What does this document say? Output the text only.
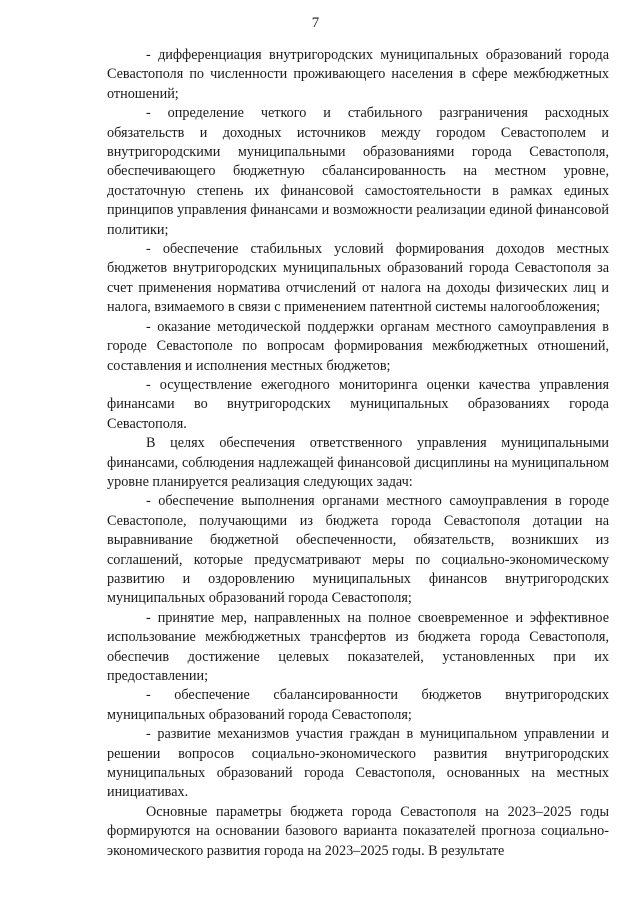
7

- дифференциация внутригородских муниципальных образований города Севастополя по численности проживающего населения в сфере межбюджетных отношений;

- определение четкого и стабильного разграничения расходных обязательств и доходных источников между городом Севастополем и внутригородскими муниципальными образованиями города Севастополя, обеспечивающего бюджетную сбалансированность на местном уровне, достаточную степень их финансовой самостоятельности в рамках единых принципов управления финансами и возможности реализации единой финансовой политики;

- обеспечение стабильных условий формирования доходов местных бюджетов внутригородских муниципальных образований города Севастополя за счет применения норматива отчислений от налога на доходы физических лиц и налога, взимаемого в связи с применением патентной системы налогообложения;

- оказание методической поддержки органам местного самоуправления в городе Севастополе по вопросам формирования межбюджетных отношений, составления и исполнения местных бюджетов;

- осуществление ежегодного мониторинга оценки качества управления финансами во внутригородских муниципальных образованиях города Севастополя.

В целях обеспечения ответственного управления муниципальными финансами, соблюдения надлежащей финансовой дисциплины на муниципальном уровне планируется реализация следующих задач:

- обеспечение выполнения органами местного самоуправления в городе Севастополе, получающими из бюджета города Севастополя дотации на выравнивание бюджетной обеспеченности, обязательств, возникших из соглашений, которые предусматривают меры по социально-экономическому развитию и оздоровлению муниципальных финансов внутригородских муниципальных образований города Севастополя;

- принятие мер, направленных на полное своевременное и эффективное использование межбюджетных трансфертов из бюджета города Севастополя, обеспечив достижение целевых показателей, установленных при их предоставлении;

- обеспечение сбалансированности бюджетов внутригородских муниципальных образований города Севастополя;

- развитие механизмов участия граждан в муниципальном управлении и решении вопросов социально-экономического развития внутригородских муниципальных образований города Севастополя, основанных на местных инициативах.

Основные параметры бюджета города Севастополя на 2023–2025 годы формируются на основании базового варианта показателей прогноза социально-экономического развития города на 2023–2025 годы. В результате
